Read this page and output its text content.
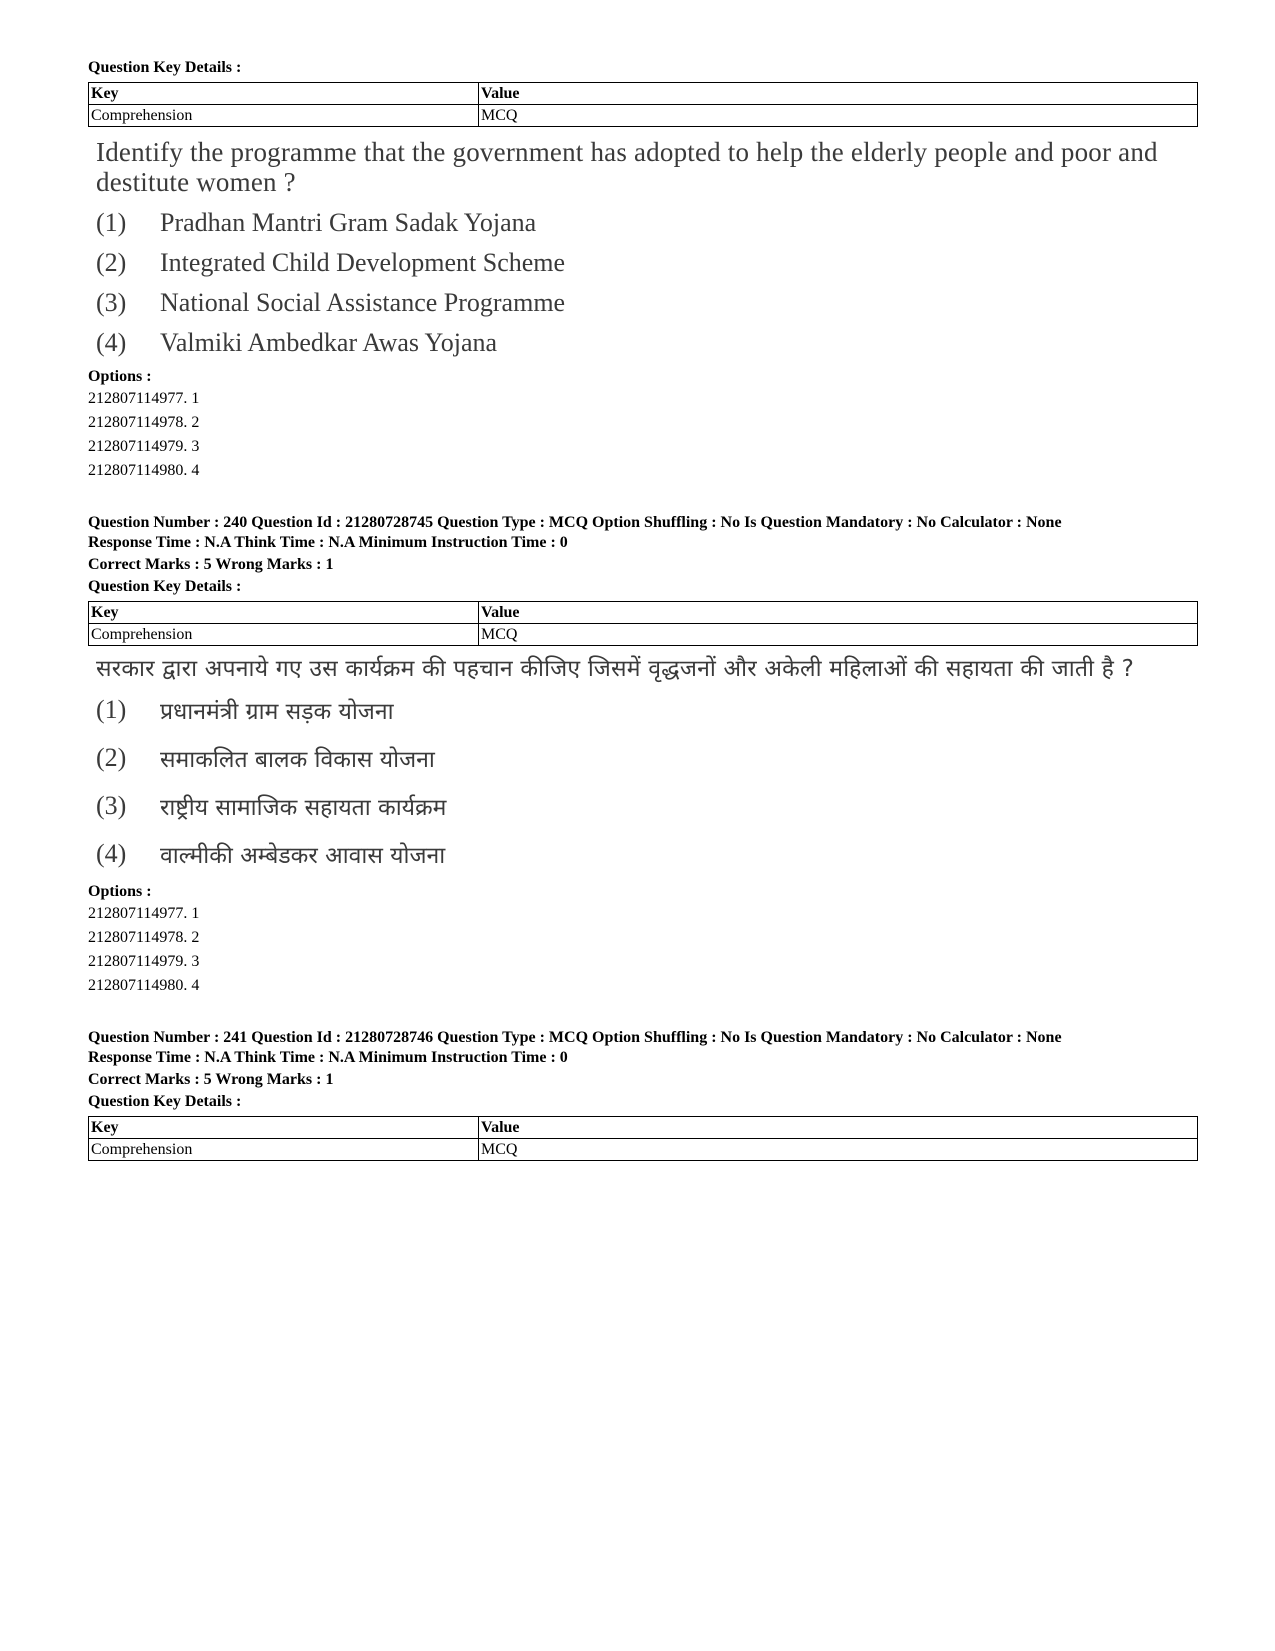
Question Key Details :
Key	Value
Comprehension	MCQ
Identify the programme that the government has adopted to help the elderly people and poor and destitute women ?
(1)	Pradhan Mantri Gram Sadak Yojana
(2)	Integrated Child Development Scheme
(3)	National Social Assistance Programme
(4)	Valmiki Ambedkar Awas Yojana
Options :
212807114977. 1
212807114978. 2
212807114979. 3
212807114980. 4
Question Number : 240 Question Id : 21280728745 Question Type : MCQ Option Shuffling : No Is Question Mandatory : No Calculator : None
Response Time : N.A Think Time : N.A Minimum Instruction Time : 0
Correct Marks : 5 Wrong Marks : 1
Question Key Details :
Key	Value
Comprehension	MCQ
सरकार द्वारा अपनाये गए उस कार्यक्रम की पहचान कीजिए जिसमें वृद्धजनों और अकेली महिलाओं की सहायता की जाती है ?
(1)	प्रधानमंत्री ग्राम सड़क योजना
(2)	समाकलित बालक विकास योजना
(3)	राष्ट्रीय सामाजिक सहायता कार्यक्रम
(4)	वाल्मीकी अम्बेडकर आवास योजना
Options :
212807114977. 1
212807114978. 2
212807114979. 3
212807114980. 4
Question Number : 241 Question Id : 21280728746 Question Type : MCQ Option Shuffling : No Is Question Mandatory : No Calculator : None
Response Time : N.A Think Time : N.A Minimum Instruction Time : 0
Correct Marks : 5 Wrong Marks : 1
Question Key Details :
Key	Value
Comprehension	MCQ
